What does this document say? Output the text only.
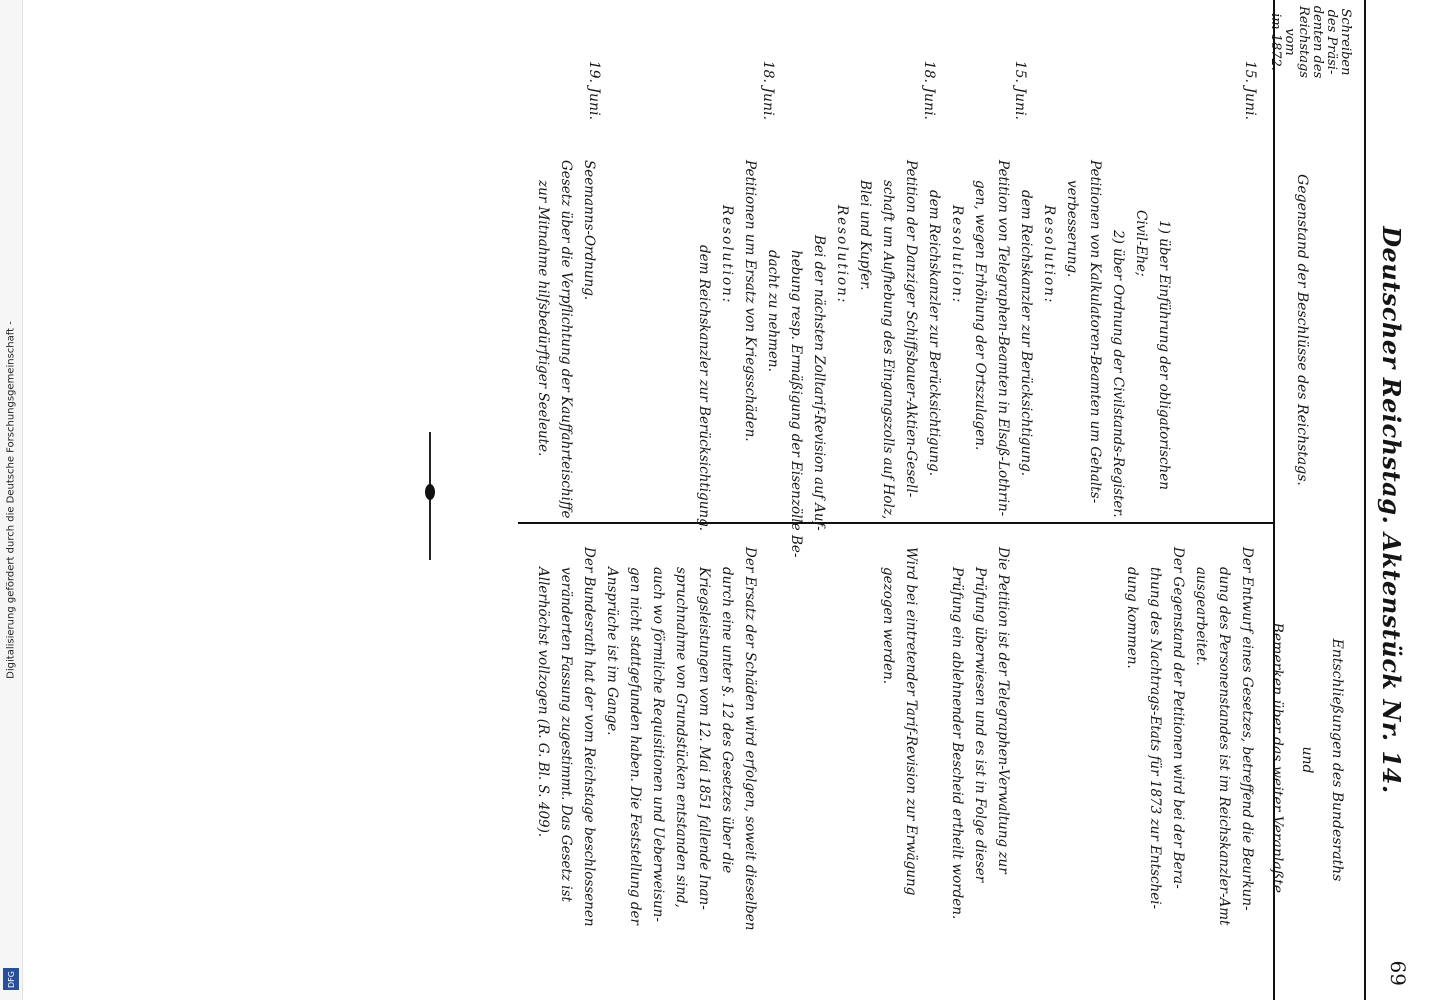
Digitalisierung gefördert durch die Deutsche Forschungsgemeinschaft -
DFG
Deutscher Reichstag. Aktenstück Nr. 14.
69
Schreiben
des Präsi-
denten des
Reichstags
vom
im 1872.
Gegenstand der Beschlüsse des Reichstags.
Entschließungen des Bundesraths
und
Bemerken über das weiter Veranlaßte.
15. Juni.
1) über Einführung der obligatorischen
Civil-Ehe;
2) über Ordnung der Civilstands-Register.
Petitionen von Kalkulatoren-Beamten um Gehalts-
verbesserung.
Resolution:
dem Reichskanzler zur Berücksichtigung.
Der Entwurf eines Gesetzes, betreffend die Beurkun-
dung des Personenstandes ist im Reichskanzler-Amt
ausgearbeitet.
Der Gegenstand der Petitionen wird bei der Bera-
thung des Nachtrags-Etats für 1873 zur Entschei-
dung kommen.
15. Juni.
Petition von Telegraphen-Beamten in Elsaß-Lothrin-
gen, wegen Erhöhung der Ortszulagen.
Resolution:
dem Reichskanzler zur Berücksichtigung.
Die Petition ist der Telegraphen-Verwaltung zur
Prüfung überwiesen und es ist in Folge dieser
Prüfung ein ablehnender Bescheid ertheilt worden.
18. Juni.
Petition der Danziger Schiffsbauer-Aktien-Gesell-
schaft um Aufhebung des Eingangszolls auf Holz,
Blei und Kupfer.
Resolution:
Bei der nächsten Zolltarif-Revision auf Auf-
hebung resp. Ermäßigung der Eisenzölle Be-
dacht zu nehmen.
Wird bei eintretender Tarif-Revision zur Erwägung
gezogen werden.
18. Juni.
Petitionen um Ersatz von Kriegsschäden.
Resolution:
dem Reichskanzler zur Berücksichtigung.
Der Ersatz der Schäden wird erfolgen, soweit dieselben
durch eine unter §. 12 des Gesetzes über die
Kriegsleistungen vom 12. Mai 1851 fallende Inan-
spruchnahme von Grundstücken entstanden sind,
auch wo förmliche Requisitionen und Ueberweisun-
gen nicht stattgefunden haben. Die Feststellung der
Ansprüche ist im Gange.
19. Juni.
Seemanns-Ordnung.
Gesetz über die Verpflichtung der Kauffahrteischiffe
zur Mitnahme hilfsbedürftiger Seeleute.
Der Bundesrath hat der vom Reichstage beschlossenen
veränderten Fassung zugestimmt. Das Gesetz ist
Allerhöchst vollzogen (R. G. Bl. S. 409).
